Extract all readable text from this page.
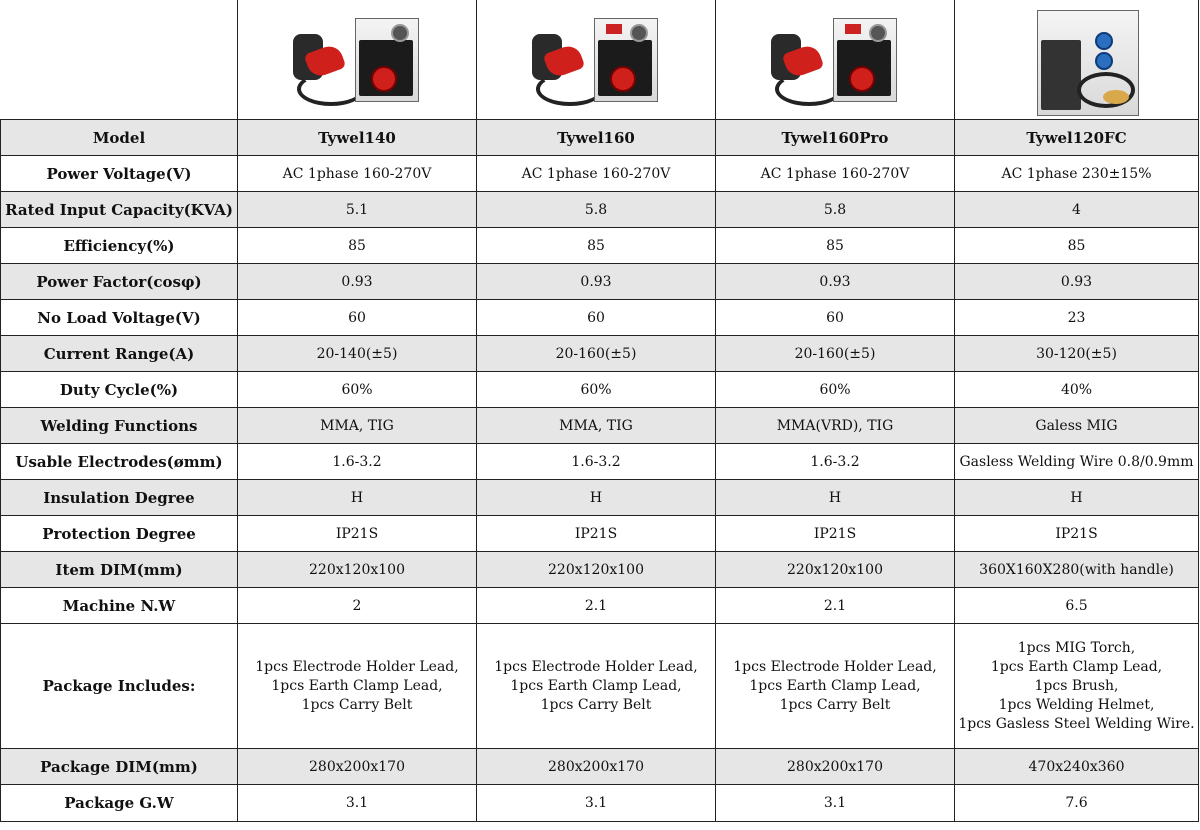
Model	Tywel140	Tywel160	Tywel160Pro	Tywel120FC
Power Voltage(V)	AC 1phase 160-270V	AC 1phase 160-270V	AC 1phase 160-270V	AC 1phase 230±15%
Rated Input Capacity(KVA)	5.1	5.8	5.8	4
Efficiency(%)	85	85	85	85
Power Factor(cosφ)	0.93	0.93	0.93	0.93
No Load Voltage(V)	60	60	60	23
Current Range(A)	20-140(±5)	20-160(±5)	20-160(±5)	30-120(±5)
Duty Cycle(%)	60%	60%	60%	40%
Welding Functions	MMA, TIG	MMA, TIG	MMA(VRD), TIG	Galess MIG
Usable Electrodes(ømm)	1.6-3.2	1.6-3.2	1.6-3.2	Gasless Welding Wire 0.8/0.9mm
Insulation Degree	H	H	H	H
Protection Degree	IP21S	IP21S	IP21S	IP21S
Item DIM(mm)	220x120x100	220x120x100	220x120x100	360X160X280(with handle)
Machine N.W	2	2.1	2.1	6.5
Package Includes:	1pcs Electrode Holder Lead,
1pcs Earth Clamp Lead,
1pcs Carry Belt	1pcs Electrode Holder Lead,
1pcs Earth Clamp Lead,
1pcs Carry Belt	1pcs Electrode Holder Lead,
1pcs Earth Clamp Lead,
1pcs Carry Belt	1pcs MIG Torch,
1pcs Earth Clamp Lead,
1pcs Brush,
1pcs Welding Helmet,
1pcs Gasless Steel Welding Wire.
Package DIM(mm)	280x200x170	280x200x170	280x200x170	470x240x360
Package G.W	3.1	3.1	3.1	7.6
